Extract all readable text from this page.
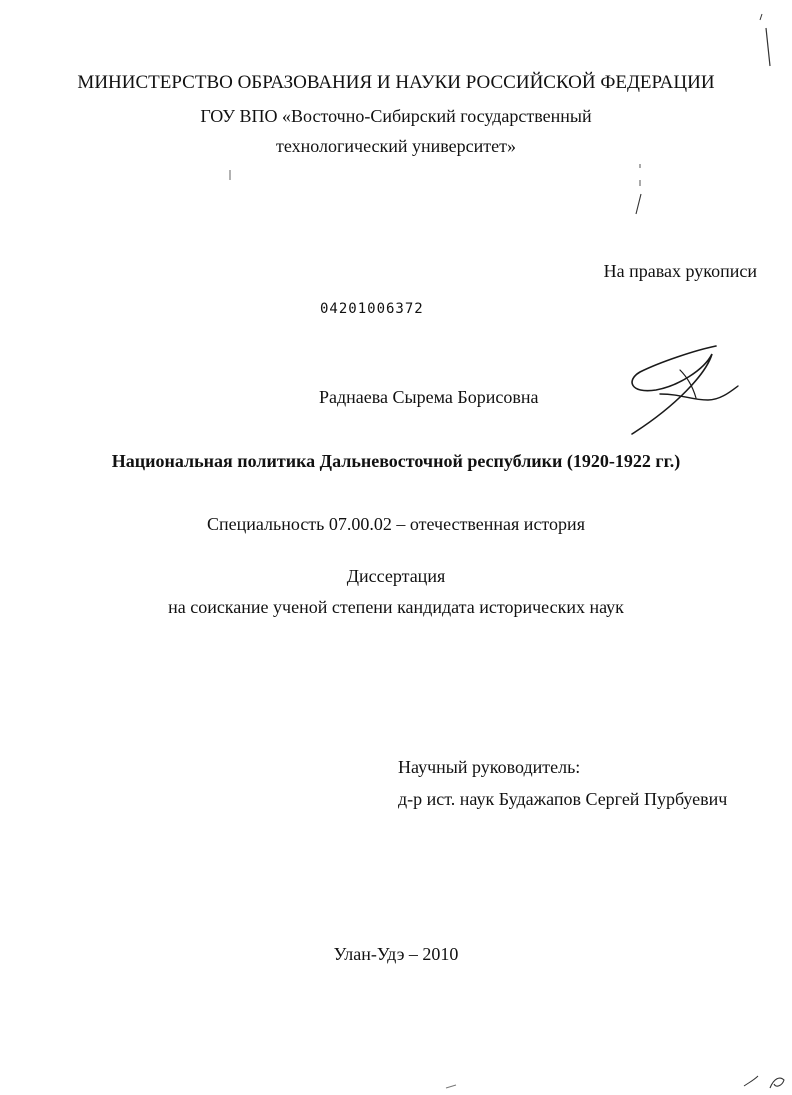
МИНИСТЕРСТВО ОБРАЗОВАНИЯ И НАУКИ РОССИЙСКОЙ ФЕДЕРАЦИИ
ГОУ ВПО «Восточно-Сибирский государственный
технологический университет»
На правах рукописи
04201006372
Раднаева Сырема Борисовна
Национальная политика Дальневосточной республики (1920-1922 гг.)
Специальность 07.00.02 – отечественная история
Диссертация
на соискание ученой степени кандидата исторических наук
Научный руководитель:
д-р ист. наук Будажапов Сергей Пурбуевич
Улан-Удэ – 2010
